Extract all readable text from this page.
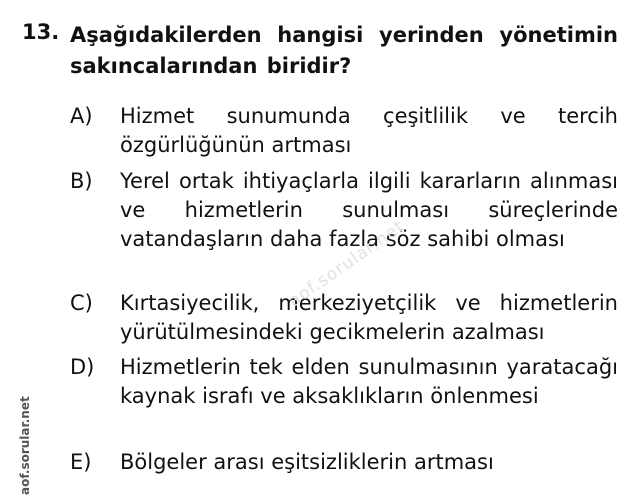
13. Aşağıdakilerden hangisi yerinden yönetimin sakıncalarından biridir?
A)	Hizmet sunumunda çeşitlilik ve tercih özgürlüğünün artması
B)	Yerel ortak ihtiyaçlarla ilgili kararların alınması ve hizmetlerin sunulması süreçlerinde vatandaşların daha fazla söz sahibi olması
C)	Kırtasiyecilik, merkeziyetçilik ve hizmetlerin yürütülmesindeki gecikmelerin azalması
D)	Hizmetlerin tek elden sunulmasının yaratacağı kaynak israfı ve aksaklıkların önlenmesi
E)	Bölgeler arası eşitsizliklerin artması
aof.sorular.net
aof.sorular.net
